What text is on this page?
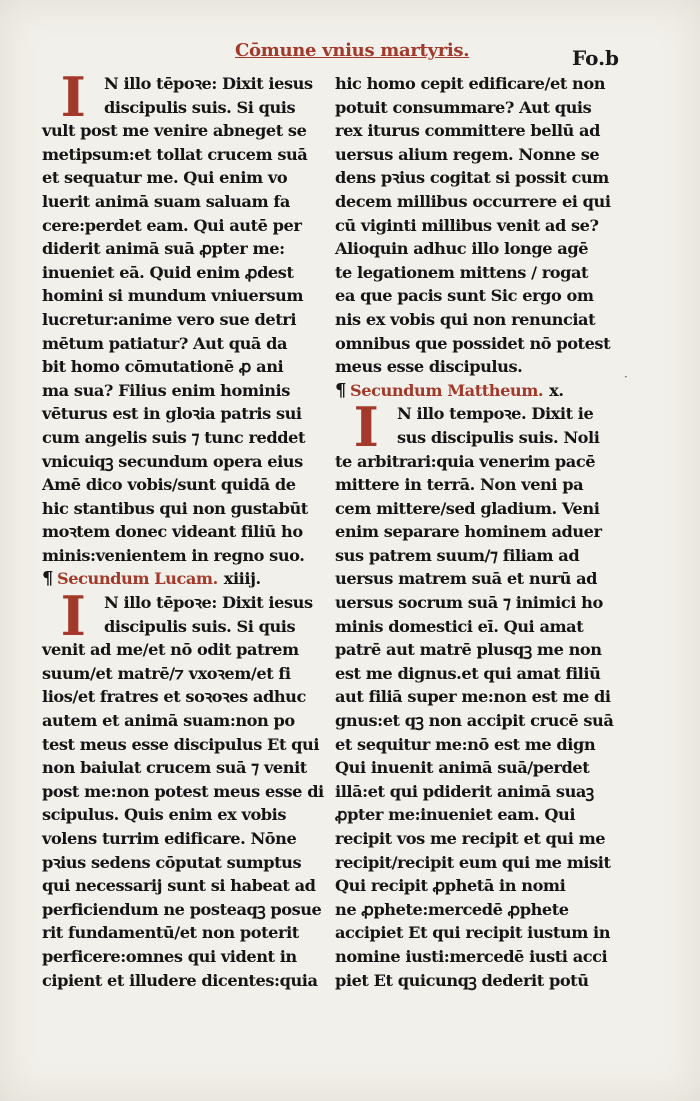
Cōmune vnius martyris.	Fo.b
I	N illo tēpoꝛe: Dixit iesus
discipulis suis. Si quis
vult post me venire abneget se
metipsum:et tollat crucem suā
et sequatur me. Qui enim vo
luerit animā suam saluam fa
cere:perdet eam. Qui autē per
diderit animā suā ꝓpter me:
inueniet eā. Quid enim ꝓdest
homini si mundum vniuersum
lucretur:anime vero sue detri
mētum patiatur? Aut quā da
bit homo cōmutationē ꝓ ani
ma sua? Filius enim hominis
vēturus est in gloꝛia patris sui
cum angelis suis ⁊ tunc reddet
vnicuiqꝫ secundum opera eius
Amē dico vobis/sunt quidā de
hic stantibus qui non gustabūt
moꝛtem donec videant filiū ho
minis:venientem in regno suo.
¶ Secundum Lucam. xiiij.
I	N illo tēpoꝛe: Dixit iesus
discipulis suis. Si quis
venit ad me/et nō odit patrem
suum/et matrē/⁊ vxoꝛem/et fi
lios/et fratres et soꝛoꝛes adhuc
autem et animā suam:non po
test meus esse discipulus Et qui
non baiulat crucem suā ⁊ venit
post me:non potest meus esse di
scipulus. Quis enim ex vobis
volens turrim edificare. Nōne
pꝛius sedens cōputat sumptus
qui necessarij sunt si habeat ad
perficiendum ne posteaqꝫ posue
rit fundamentū/et non poterit
perficere:omnes qui vident in
cipient et illudere dicentes:quia
hic homo cepit edificare/et non
potuit consummare? Aut quis
rex iturus committere bellū ad
uersus alium regem. Nonne se
dens pꝛius cogitat si possit cum
decem millibus occurrere ei qui
cū viginti millibus venit ad se?
Alioquin adhuc illo longe agē
te legationem mittens / rogat
ea que pacis sunt Sic ergo om
nis ex vobis qui non renunciat
omnibus que possidet nō potest
meus esse discipulus.
¶ Secundum Mattheum. x.
I	N illo tempoꝛe. Dixit ie
sus discipulis suis. Noli
te arbitrari:quia venerim pacē
mittere in terrā. Non veni pa
cem mittere/sed gladium. Veni
enim separare hominem aduer
sus patrem suum/⁊ filiam ad
uersus matrem suā et nurū ad
uersus socrum suā ⁊ inimici ho
minis domestici eī. Qui amat
patrē aut matrē plusqꝫ me non
est me dignus.et qui amat filiū
aut filiā super me:non est me di
gnus:et qꝫ non accipit crucē suā
et sequitur me:nō est me dign
Qui inuenit animā suā/perdet
illā:et qui pdiderit animā suaꝫ
ꝓpter me:inueniet eam. Qui
recipit vos me recipit et qui me
recipit/recipit eum qui me misit
Qui recipit ꝓphetā in nomi
ne ꝓphete:mercedē ꝓphete
accipiet Et qui recipit iustum in
nomine iusti:mercedē iusti acci
piet Et quicunqꝫ dederit potū
·
